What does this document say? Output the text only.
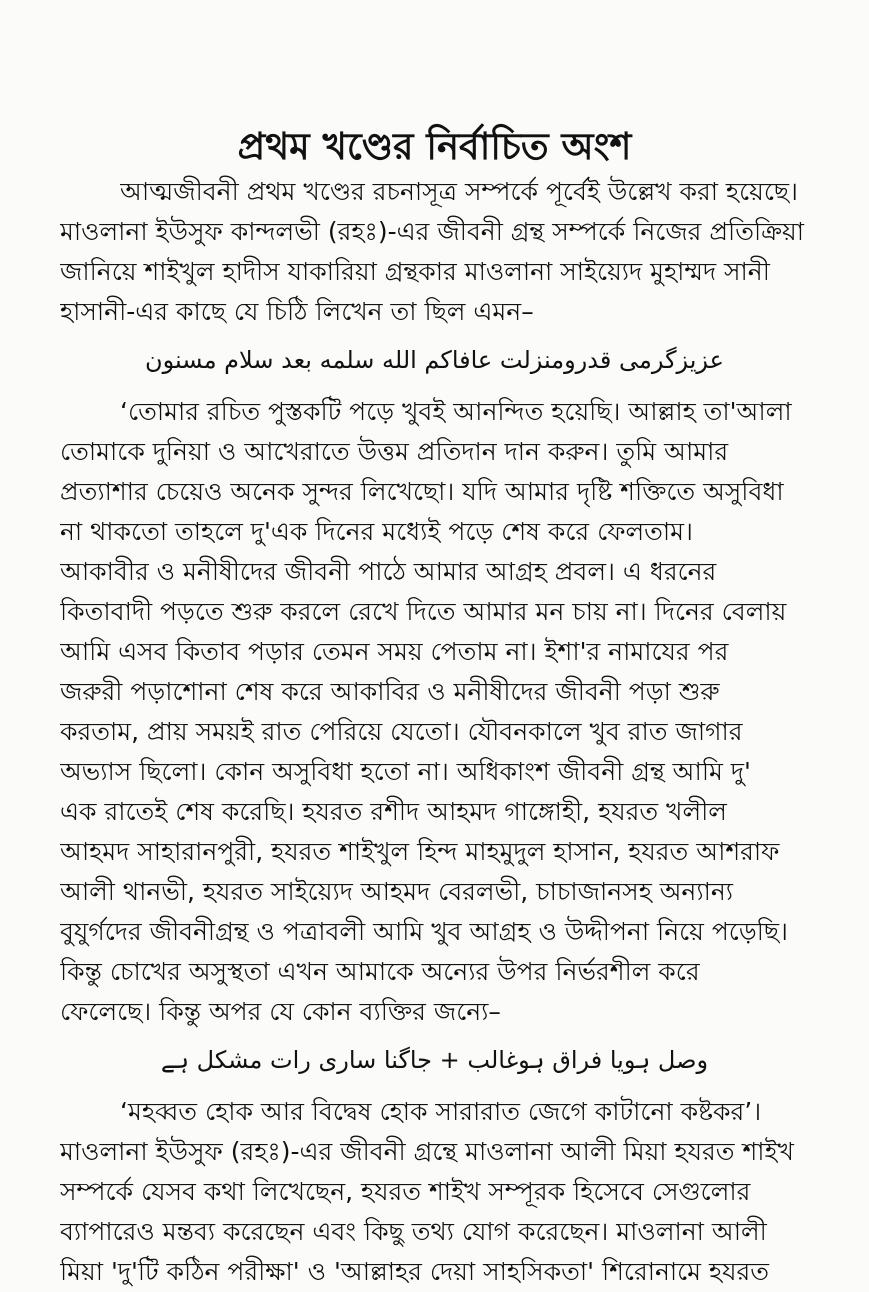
প্রথম খণ্ডের নির্বাচিত অংশ
আত্মজীবনী প্রথম খণ্ডের রচনাসূত্র সম্পর্কে পূর্বেই উল্লেখ করা হয়েছে।
মাওলানা ইউসুফ কান্দলভী (রহঃ)-এর জীবনী গ্রন্থ সম্পর্কে নিজের প্রতিক্রিয়া
জানিয়ে শাইখুল হাদীস যাকারিয়া গ্রন্থকার মাওলানা সাইয়্যেদ মুহাম্মদ সানী
হাসানী-এর কাছে যে চিঠি লিখেন তা ছিল এমন–
عزیزگرمی قدرومنزلت عافاکم الله سلمه بعد سلام مسنون
‘তোমার রচিত পুস্তকটি পড়ে খুবই আনন্দিত হয়েছি। আল্লাহ তা'আলা
তোমাকে দুনিয়া ও আখেরাতে উত্তম প্রতিদান দান করুন। তুমি আমার
প্রত্যাশার চেয়েও অনেক সুন্দর লিখেছো। যদি আমার দৃষ্টি শক্তিতে অসুবিধা
না থাকতো তাহলে দু'এক দিনের মধ্যেই পড়ে শেষ করে ফেলতাম।
আকাবীর ও মনীষীদের জীবনী পাঠে আমার আগ্রহ প্রবল। এ ধরনের
কিতাবাদী পড়তে শুরু করলে রেখে দিতে আমার মন চায় না। দিনের বেলায়
আমি এসব কিতাব পড়ার তেমন সময় পেতাম না। ইশা'র নামাযের পর
জরুরী পড়াশোনা শেষ করে আকাবির ও মনীষীদের জীবনী পড়া শুরু
করতাম, প্রায় সময়ই রাত পেরিয়ে যেতো। যৌবনকালে খুব রাত জাগার
অভ্যাস ছিলো। কোন অসুবিধা হতো না। অধিকাংশ জীবনী গ্রন্থ আমি দু'
এক রাতেই শেষ করেছি। হযরত রশীদ আহমদ গাঙ্গোহী, হযরত খলীল
আহমদ সাহারানপুরী, হযরত শাইখুল হিন্দ মাহমুদুল হাসান, হযরত আশরাফ
আলী থানভী, হযরত সাইয়্যেদ আহমদ বেরলভী, চাচাজানসহ অন্যান্য
বুযুর্গদের জীবনীগ্রন্থ ও পত্রাবলী আমি খুব আগ্রহ ও উদ্দীপনা নিয়ে পড়েছি।
কিন্তু চোখের অসুস্থতা এখন আমাকে অন্যের উপর নির্ভরশীল করে
ফেলেছে। কিন্তু অপর যে কোন ব্যক্তির জন্যে–
وصل ہویا فراق ہوغالب + جاگنا ساری رات مشکل ہے
‘মহব্বত হোক আর বিদ্বেষ হোক সারারাত জেগে কাটানো কষ্টকর’।
মাওলানা ইউসুফ (রহঃ)-এর জীবনী গ্রন্থে মাওলানা আলী মিয়া হযরত শাইখ
সম্পর্কে যেসব কথা লিখেছেন, হযরত শাইখ সম্পূরক হিসেবে সেগুলোর
ব্যাপারেও মন্তব্য করেছেন এবং কিছু তথ্য যোগ করেছেন। মাওলানা আলী
মিয়া 'দু'টি কঠিন পরীক্ষা' ও 'আল্লাহর দেয়া সাহসিকতা' শিরোনামে হযরত
